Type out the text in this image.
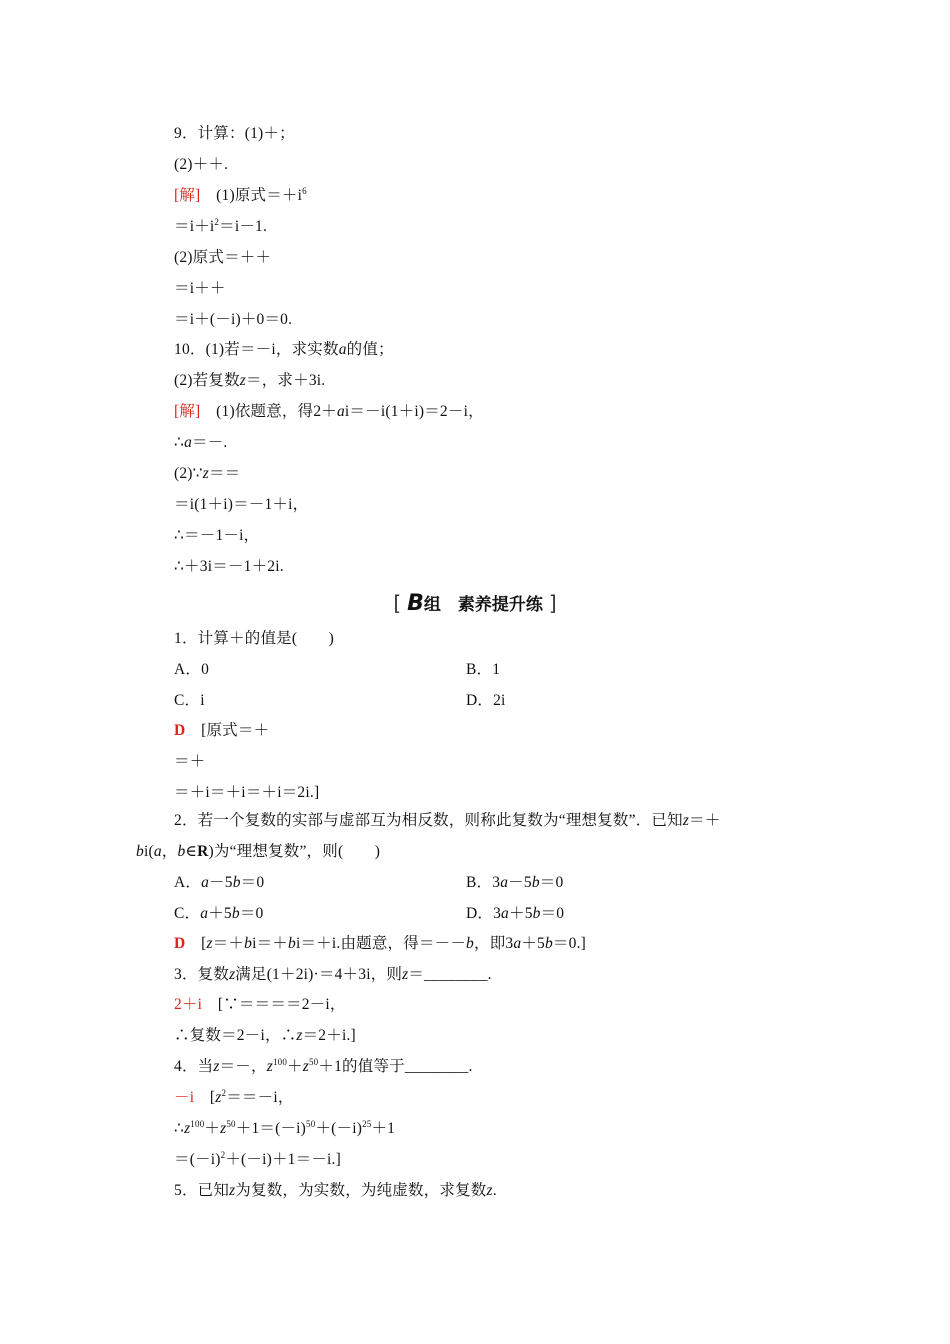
9．计算：(1)＋；
(2)＋＋.
[解]　 (1)原式$=+i^6$
$=i+i^2=i-1$.
(2)原式＝＋＋
＝i＋＋
＝i＋(－i)＋0＝0.
10．(1)若＝－i，求实数a的值；
(2)若复数z＝，求＋3i.
[解]　 (1)依题意，得2＋ai＝－i(1＋i)＝2－i，
∴a＝－.
(2)∵z＝＝
＝i(1＋i)＝－1＋i，
∴＝－1－i，
∴＋3i＝－1＋2i.
[ B组　素养提升练 ]
1．计算＋的值是(　　)
A．0	B．1
C．i	D．2i
D　 [原式＝＋
＝＋
＝＋i＝＋i＝＋i＝2i.]
2．若一个复数的实部与虚部互为相反数，则称此复数为“理想复数”．已知z＝＋
bi(a，b∈R)为“理想复数”，则(　　)
A．a－5b＝0	B．3a－5b＝0
C．a＋5b＝0	D．3a＋5b＝0
D　 [z＝＋bi＝＋bi＝＋i.由题意，得＝－－b，即3a＋5b＝0.]
3．复数z满足(1＋2i)·＝4＋3i，则z＝________.
2＋i　 [∵＝＝＝＝2－i，
∴复数＝2－i，∴z＝2＋i.]
4．当z＝－，$z^{100}+z^{50}+1$的值等于________.
－i　 [$z^2==-i$，
$\therefore z^{100}+z^{50}+1=(-i)^{50}+(-i)^{25}+1$
$=(-i)^2+(-i)+1=-i$.]
5．已知z为复数，为实数，为纯虚数，求复数z.
